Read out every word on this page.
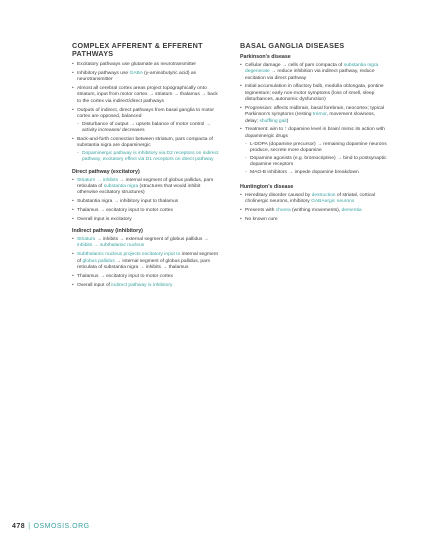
COMPLEX AFFERENT & EFFERENT PATHWAYS
• Excitatory pathways use glutamate as neurotransmitter
• Inhibitory pathways use GABA (γ-aminobutyric acid) as neurotransmitter
• Almost all cerebral cortex areas project topographically onto striatum, input from motor cortex → striatum → thalamus → back to the cortex via indirect/direct pathways
• Outputs of indirect, direct pathways from basal ganglia to motor cortex are opposed, balanced
◦ Disturbance of output → upsets balance of motor control → activity increases/ decreases
• Back-and-forth connection between striatum, pars compacta of substantia nigra are dopaminergic
◦ Dopaminergic pathway is inhibitory via D2 receptors on indirect pathway, excitatory effect via D1 receptors on direct pathway
Direct pathway (excitatory)
• Striatum → inhibits → internal segment of globus pallidus, pars reticulata of substantia nigra (structures that would inhibit otherwise excitatory structures)
• Substantia nigra → inhibitory input to thalamus
• Thalamus → excitatory input to motor cortex
• Overall input is excitatory
Indirect pathway (inhibitory)
• Striatum → inhibits → external segment of globus pallidus → inhibits → subthalamic nucleus
• Subthalamic nucleus projects excitatory input to internal segment of globus pallidus → internal segment of globus pallidus, pars reticulata of substantia nigra → inhibits → thalamus
• Thalamus → excitatory input to motor cortex
• Overall input of indirect pathway is inhibitory
BASAL GANGLIA DISEASES
Parkinson's disease
• Cellular damage → cells of pars compacta of substantia nigra degenerate → reduce inhibition via indirect pathway, reduce excitation via direct pathway
• Initial accumulation in olfactory bulb, medulla oblongata, pontine tegmentum; early non-motor symptoms (loss of smell, sleep disturbances, autonomic dysfunction)
• Progression: affects midbrain, basal forebrain, neocortex; typical Parkinson's symptoms (resting tremor, movement slowness, delay; shuffling gait)
• Treatment: aim to ↑ dopamine level in brain/ mimic its action with dopaminergic drugs
◦ L-DOPA (dopamine precursor) → remaining dopamine neurons produce, secrete more dopamine
◦ Dopamine agonists (e.g. bromocriptine) → bind to postsynaptic dopamine receptors
◦ MAO-B inhibitors → impede dopamine breakdown
Huntington's disease
• Hereditary disorder caused by destruction of striatal, cortical cholinergic neurons, inhibitory GABAergic neurons
• Presents with chorea (writhing movements), dementia
• No known cure
478 | OSMOSIS.ORG
